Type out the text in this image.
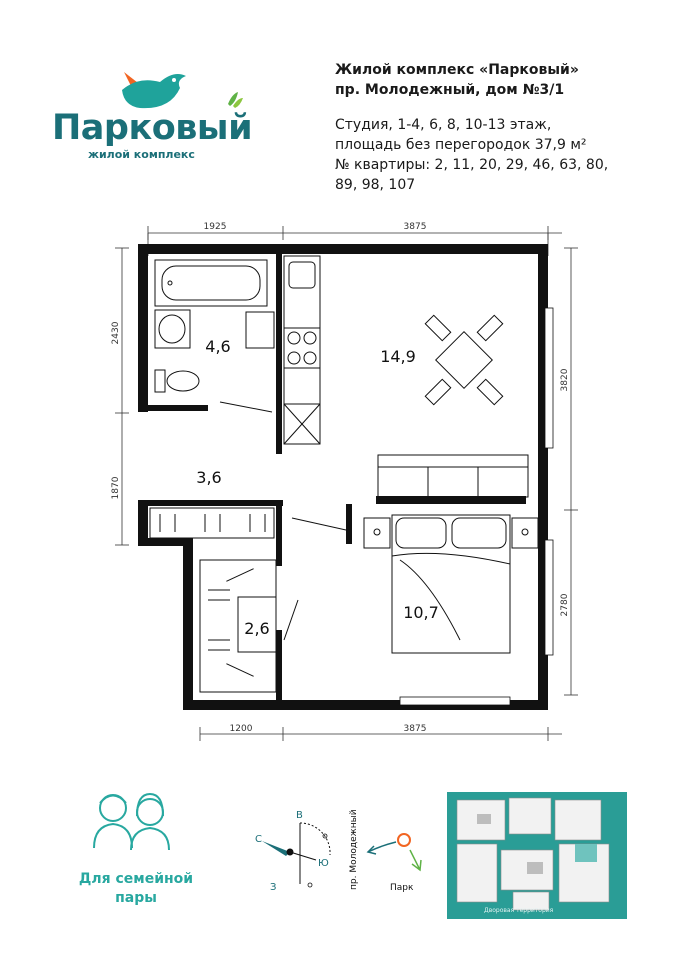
Парковый
жилой комплекс
Жилой комплекс «Парковый»
пр. Молодежный, дом №3/1
Студия, 1-4, 6, 8, 10-13 этаж,
площадь без перегородок 37,9 м²
№ квартиры: 2, 11, 20, 29, 46, 63, 80,
89, 98, 107
1925	3875
1200	3875
2430
1870
3820
2780
4,6
14,9
3,6
2,6
10,7
С
В
Ю
З	пр. Молодежный	Парк
Для семейной
пары
Дворовая территория
